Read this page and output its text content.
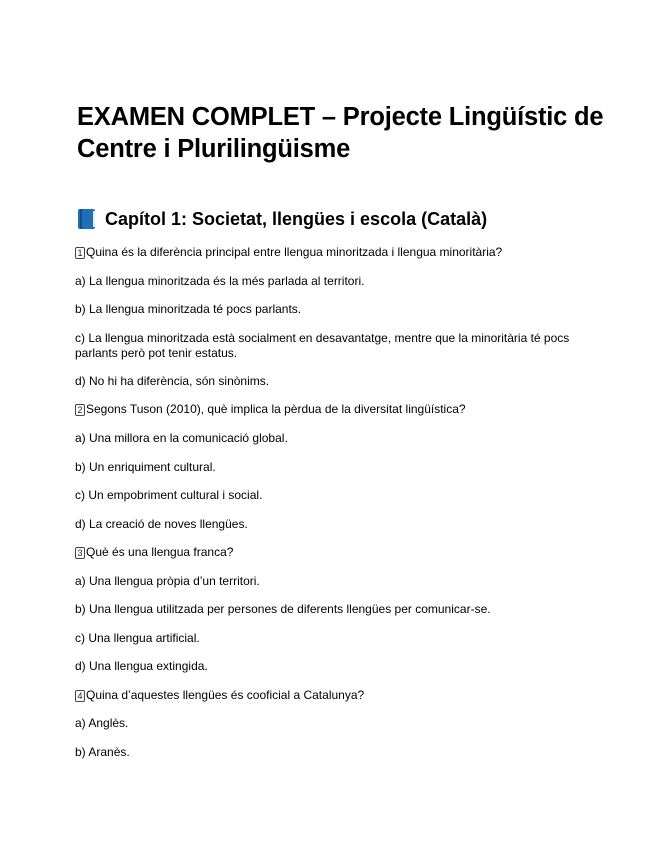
EXAMEN COMPLET – Projecte Lingüístic de Centre i Plurilingüisme
Capítol 1: Societat, llengües i escola (Català)
1 Quina és la diferència principal entre llengua minoritzada i llengua minoritària?

a) La llengua minoritzada és la més parlada al territori.

b) La llengua minoritzada té pocs parlants.

c) La llengua minoritzada està socialment en desavantatge, mentre que la minoritària té pocs parlants però pot tenir estatus.

d) No hi ha diferència, són sinònims.

2 Segons Tuson (2010), què implica la pèrdua de la diversitat lingüística?

a) Una millora en la comunicació global.

b) Un enriquiment cultural.

c) Un empobriment cultural i social.

d) La creació de noves llengües.

3 Què és una llengua franca?

a) Una llengua pròpia d’un territori.

b) Una llengua utilitzada per persones de diferents llengües per comunicar-se.

c) Una llengua artificial.

d) Una llengua extingida.

4 Quina d’aquestes llengües és cooficial a Catalunya?

a) Anglès.

b) Aranès.
